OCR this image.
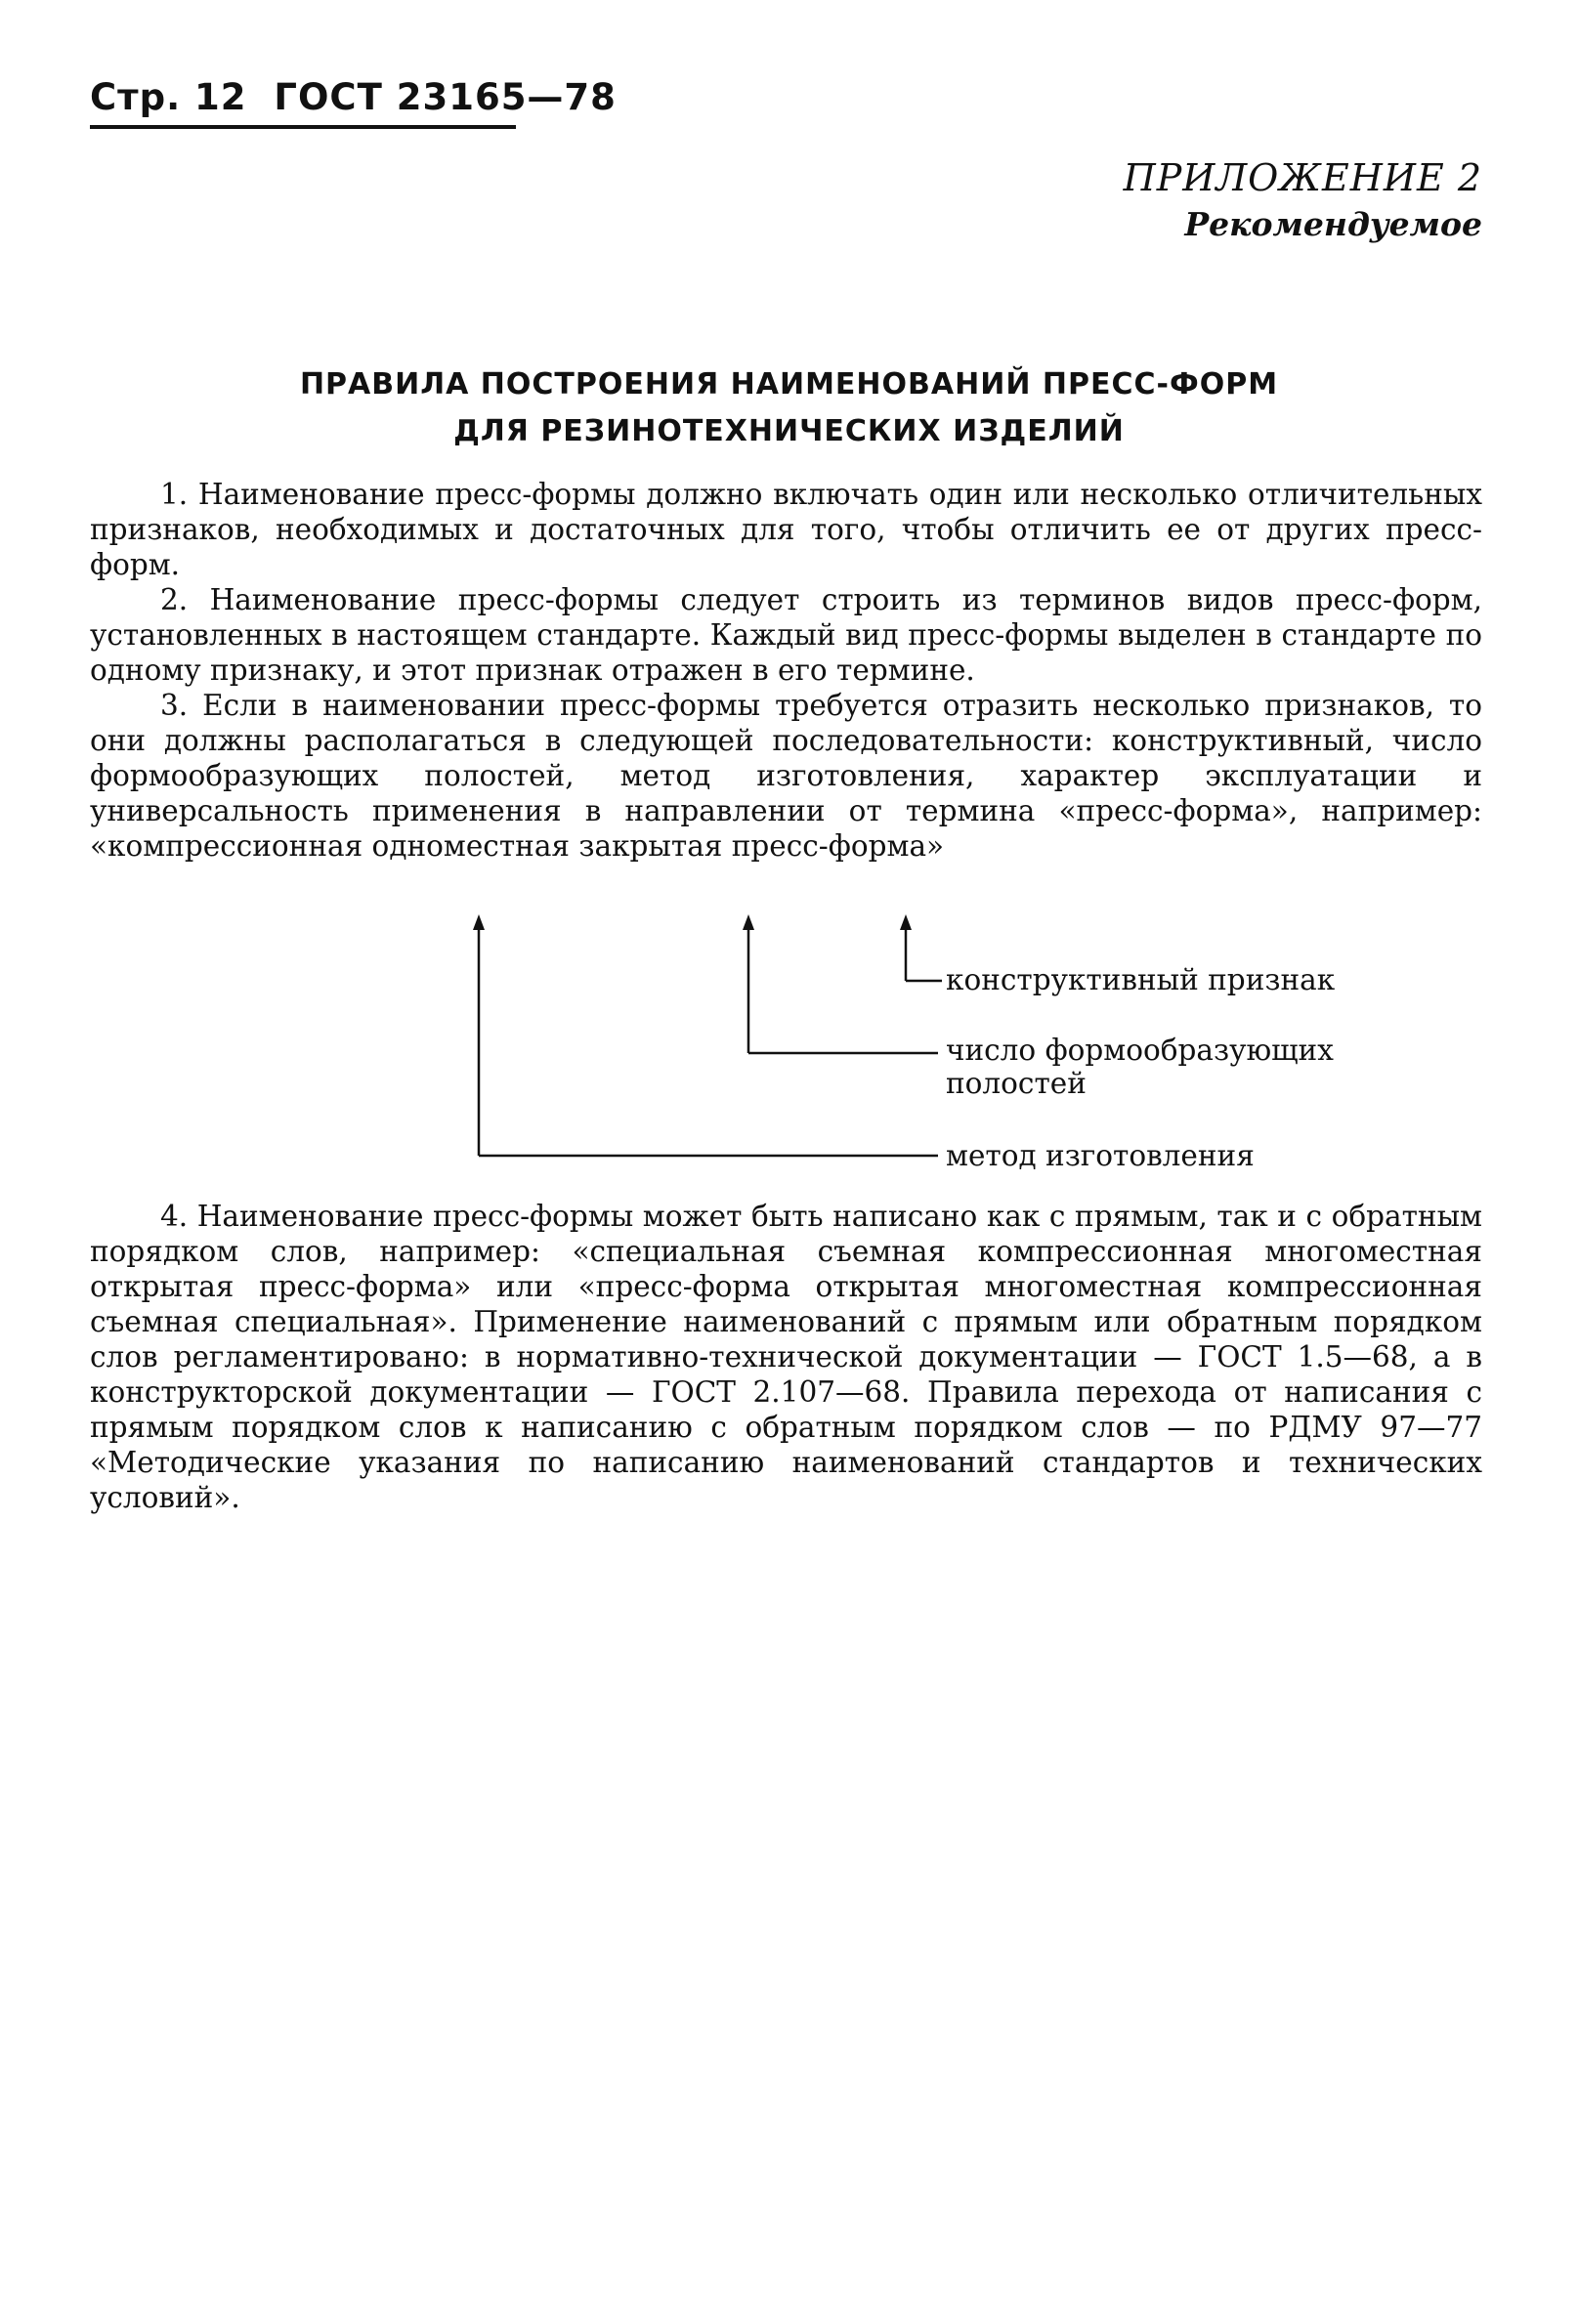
Стр. 12 ГОСТ 23165—78
ПРИЛОЖЕНИЕ 2
Рекомендуемое
ПРАВИЛА ПОСТРОЕНИЯ НАИМЕНОВАНИЙ ПРЕСС-ФОРМ
ДЛЯ РЕЗИНОТЕХНИЧЕСКИХ ИЗДЕЛИЙ

1. Наименование пресс-формы должно включать один или несколько отличительных признаков, необходимых и достаточных для того, чтобы отличить ее от других пресс-форм.

2. Наименование пресс-формы следует строить из терминов видов пресс-форм, установленных в настоящем стандарте. Каждый вид пресс-формы выделен в стандарте по одному признаку, и этот признак отражен в его термине.

3. Если в наименовании пресс-формы требуется отразить несколько признаков, то они должны располагаться в следующей последовательности: конструктивный, число формообразующих полостей, метод изготовления, характер эксплуатации и универсальность применения в направлении от термина «пресс-форма», например: «компрессионная одноместная закрытая пресс-форма»

конструктивный признак
число формообразующих полостей
метод изготовления

4. Наименование пресс-формы может быть написано как с прямым, так и с обратным порядком слов, например: «специальная съемная компрессионная многоместная открытая пресс-форма» или «пресс-форма открытая многоместная компрессионная съемная специальная». Применение наименований с прямым или обратным порядком слов регламентировано: в нормативно-технической документации — ГОСТ 1.5—68, а в конструкторской документации — ГОСТ 2.107—68. Правила перехода от написания с прямым порядком слов к написанию с обратным порядком слов — по РДМУ 97—77 «Методические указания по написанию наименований стандартов и технических условий».
